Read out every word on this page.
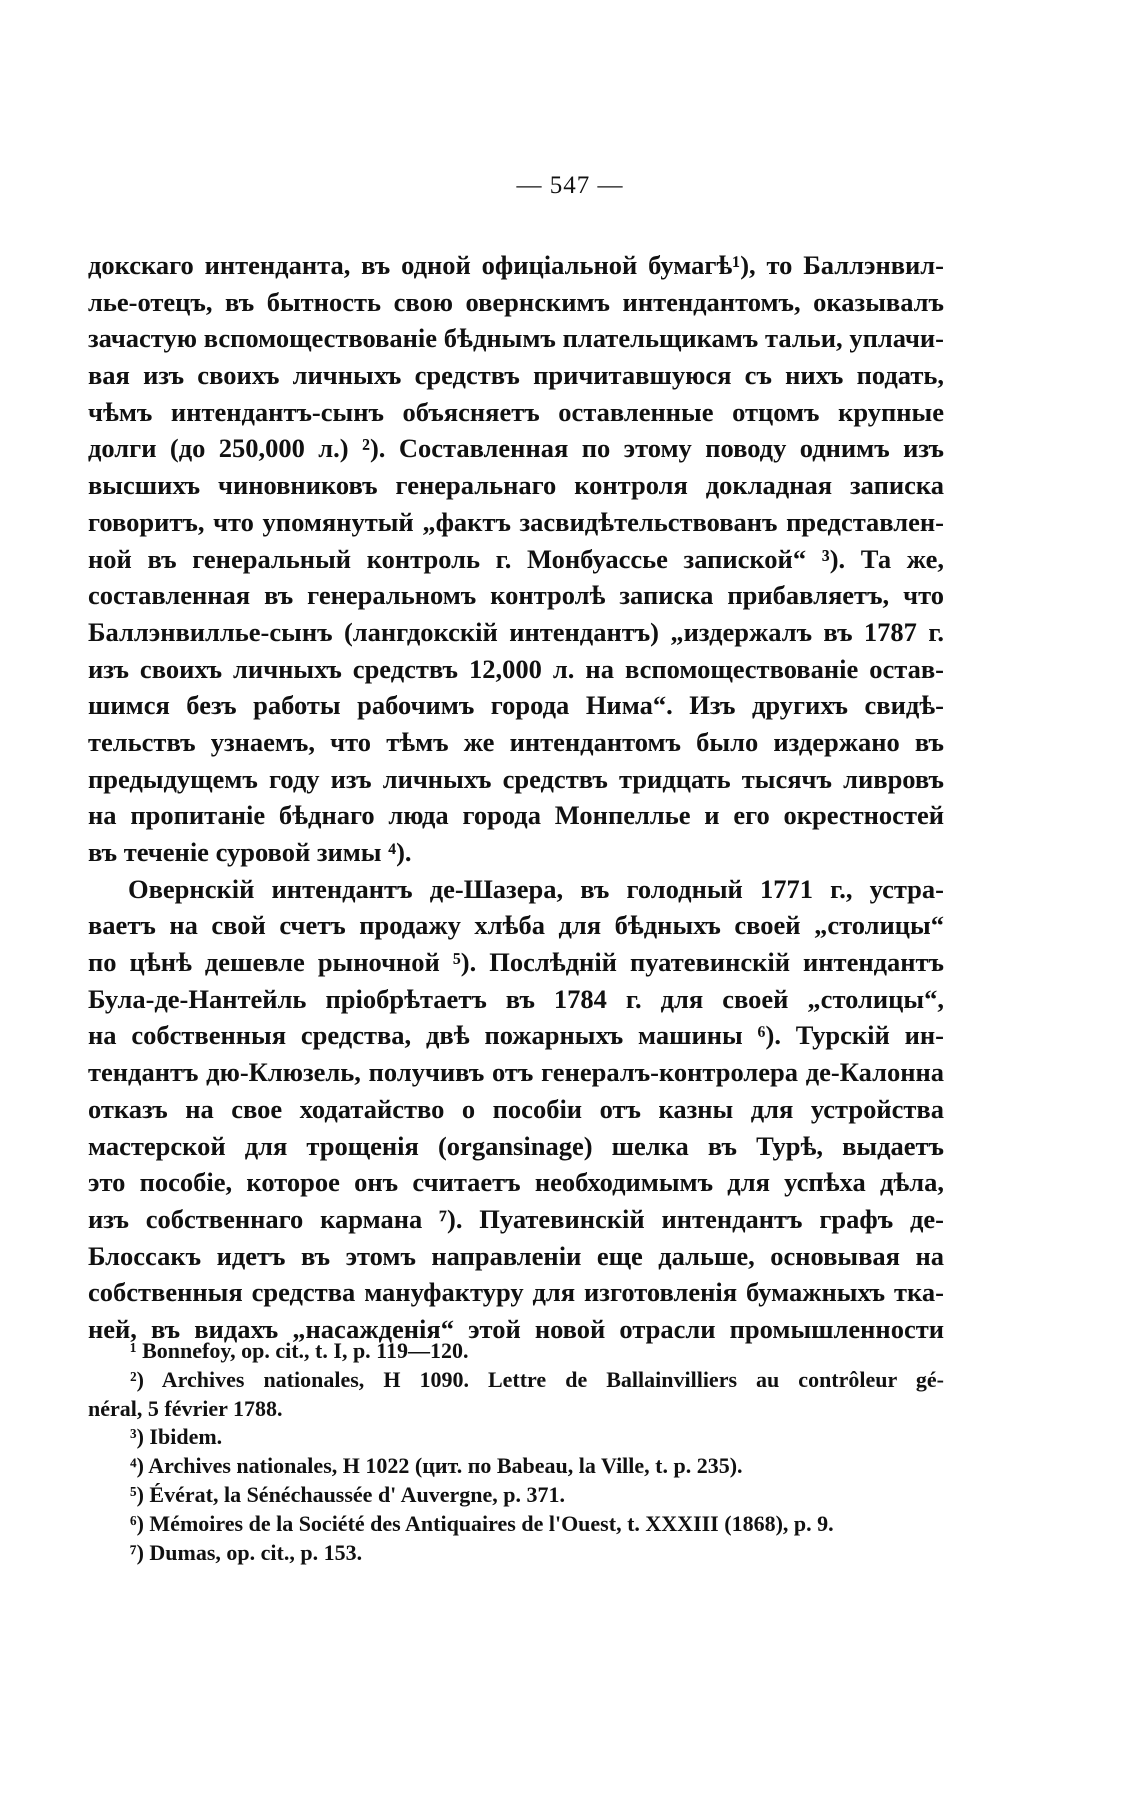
— 547 —
докскаго интенданта, въ одной офиціальной бумагѣ¹), то Баллэнвил-
лье-отецъ, въ бытность свою овернскимъ интендантомъ, оказывалъ
зачастую вспомоществованіе бѣднымъ плательщикамъ тальи, уплачи-
вая изъ своихъ личныхъ средствъ причитавшуюся съ нихъ подать,
чѣмъ интендантъ-сынъ объясняетъ оставленные отцомъ крупные
долги (до 250,000 л.) ²). Составленная по этому поводу однимъ изъ
высшихъ чиновниковъ генеральнаго контроля докладная записка
говоритъ, что упомянутый „фактъ засвидѣтельствованъ представлен-
ной въ генеральный контроль г. Монбуассье запиской“ ³). Та же,
составленная въ генеральномъ контролѣ записка прибавляетъ, что
Баллэнвиллье-сынъ (лангдокскій интендантъ) „издержалъ въ 1787 г.
изъ своихъ личныхъ средствъ 12,000 л. на вспомоществованіе остав-
шимся безъ работы рабочимъ города Нима“. Изъ другихъ свидѣ-
тельствъ узнаемъ, что тѣмъ же интендантомъ было издержано въ
предыдущемъ году изъ личныхъ средствъ тридцать тысячъ ливровъ
на пропитаніе бѣднаго люда города Монпеллье и его окрестностей
въ теченіе суровой зимы ⁴).
Овернскій интендантъ де-Шазера, въ голодный 1771 г., устра-
ваетъ на свой счетъ продажу хлѣба для бѣдныхъ своей „столицы“
по цѣнѣ дешевле рыночной ⁵). Послѣдній пуатевинскій интендантъ
Була-де-Нантейль пріобрѣтаетъ въ 1784 г. для своей „столицы“,
на собственныя средства, двѣ пожарныхъ машины ⁶). Турскій ин-
тендантъ дю-Клюзель, получивъ отъ генералъ-контролера де-Калонна
отказъ на свое ходатайство о пособіи отъ казны для устройства
мастерской для трощенія (organsinage) шелка въ Турѣ, выдаетъ
это пособіе, которое онъ считаетъ необходимымъ для успѣха дѣла,
изъ собственнаго кармана ⁷). Пуатевинскій интендантъ графъ де-
Блоссакъ идетъ въ этомъ направленіи еще дальше, основывая на
собственныя средства мануфактуру для изготовленія бумажныхъ тка-
ней, въ видахъ „насажденія“ этой новой отрасли промышленности
¹ Bonnefoy, op. cit., t. I, p. 119—120.
²) Archives nationales, H 1090. Lettre de Ballainvilliers au contrôleur gé-
néral, 5 février 1788.
³) Ibidem.
⁴) Archives nationales, H 1022 (цит. по Babeau, la Ville, t. p. 235).
⁵) Évérat, la Sénéchaussée d' Auvergne, p. 371.
⁶) Mémoires de la Société des Antiquaires de l'Ouest, t. XXXIII (1868), p. 9.
⁷) Dumas, op. cit., p. 153.
